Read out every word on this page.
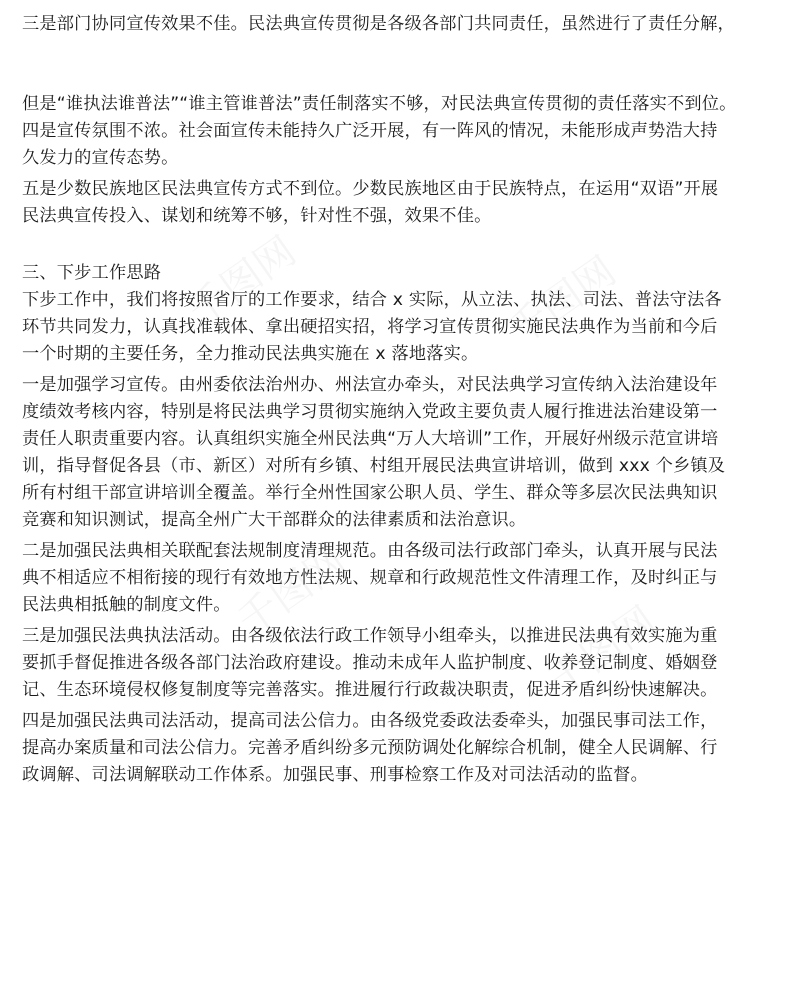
三是部门协同宣传效果不佳。民法典宣传贯彻是各级各部门共同责任，虽然进行了责任分解，
但是“谁执法谁普法”“谁主管谁普法”责任制落实不够，对民法典宣传贯彻的责任落实不到位。
四是宣传氛围不浓。社会面宣传未能持久广泛开展，有一阵风的情况，未能形成声势浩大持
久发力的宣传态势。
五是少数民族地区民法典宣传方式不到位。少数民族地区由于民族特点，在运用“双语”开展
民法典宣传投入、谋划和统筹不够，针对性不强，效果不佳。
三、下步工作思路
下步工作中，我们将按照省厅的工作要求，结合 x 实际，从立法、执法、司法、普法守法各
环节共同发力，认真找准载体、拿出硬招实招，将学习宣传贯彻实施民法典作为当前和今后
一个时期的主要任务，全力推动民法典实施在 x 落地落实。
一是加强学习宣传。由州委依法治州办、州法宣办牵头，对民法典学习宣传纳入法治建设年
度绩效考核内容，特别是将民法典学习贯彻实施纳入党政主要负责人履行推进法治建设第一
责任人职责重要内容。认真组织实施全州民法典“万人大培训”工作，开展好州级示范宣讲培
训，指导督促各县（市、新区）对所有乡镇、村组开展民法典宣讲培训，做到 xxx 个乡镇及
所有村组干部宣讲培训全覆盖。举行全州性国家公职人员、学生、群众等多层次民法典知识
竞赛和知识测试，提高全州广大干部群众的法律素质和法治意识。
二是加强民法典相关联配套法规制度清理规范。由各级司法行政部门牵头，认真开展与民法
典不相适应不相衔接的现行有效地方性法规、规章和行政规范性文件清理工作，及时纠正与
民法典相抵触的制度文件。
三是加强民法典执法活动。由各级依法行政工作领导小组牵头，以推进民法典有效实施为重
要抓手督促推进各级各部门法治政府建设。推动未成年人监护制度、收养登记制度、婚姻登
记、生态环境侵权修复制度等完善落实。推进履行行政裁决职责，促进矛盾纠纷快速解决。
四是加强民法典司法活动，提高司法公信力。由各级党委政法委牵头，加强民事司法工作，
提高办案质量和司法公信力。完善矛盾纠纷多元预防调处化解综合机制，健全人民调解、行
政调解、司法调解联动工作体系。加强民事、刑事检察工作及对司法活动的监督。
千图网	千图网
千图网
千图网
